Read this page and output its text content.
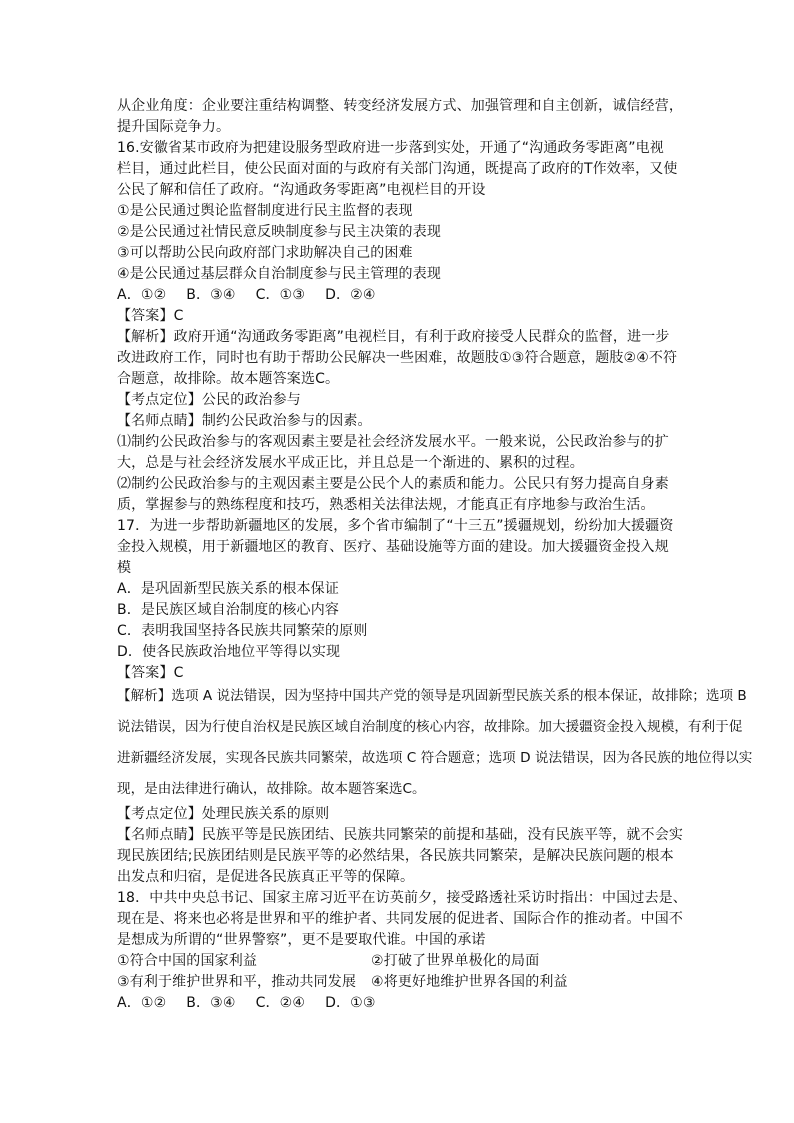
从企业角度：企业要注重结构调整、转变经济发展方式、加强管理和自主创新，诚信经营，
提升国际竞争力。
16.安徽省某市政府为把建设服务型政府进一步落到实处，开通了“沟通政务零距离”电视
栏目，通过此栏目，使公民面对面的与政府有关部门沟通，既提高了政府的T作效率，又使
公民了解和信任了政府。“沟通政务零距离”电视栏目的开设
①是公民通过舆论监督制度进行民主监督的表现
②是公民通过社情民意反映制度参与民主决策的表现
③可以帮助公民向政府部门求助解决自己的困难
④是公民通过基层群众自治制度参与民主管理的表现
A．①② B．③④ C．①③ D．②④
【答案】C
【解析】政府开通“沟通政务零距离”电视栏目，有利于政府接受人民群众的监督，进一步
改进政府工作，同时也有助于帮助公民解决一些困难，故题肢①③符合题意，题肢②④不符
合题意，故排除。故本题答案选C。
【考点定位】公民的政治参与
【名师点睛】制约公民政治参与的因素。
⑴制约公民政治参与的客观因素主要是社会经济发展水平。一般来说，公民政治参与的扩
大，总是与社会经济发展水平成正比，并且总是一个渐进的、累积的过程。
⑵制约公民政治参与的主观因素主要是公民个人的素质和能力。公民只有努力提高自身素
质，掌握参与的熟练程度和技巧，熟悉相关法律法规，才能真正有序地参与政治生活。
17．为进一步帮助新疆地区的发展，多个省市编制了“十三五”援疆规划，纷纷加大援疆资
金投入规模，用于新疆地区的教育、医疗、基础设施等方面的建设。加大援疆资金投入规
模
A．是巩固新型民族关系的根本保证
B．是民族区域自治制度的核心内容
C．表明我国坚持各民族共同繁荣的原则
D．使各民族政治地位平等得以实现
【答案】C
【解析】选项 A 说法错误，因为坚持中国共产党的领导是巩固新型民族关系的根本保证，故排除；选项 B
说法错误，因为行使自治权是民族区域自治制度的核心内容，故排除。加大援疆资金投入规模，有利于促
进新疆经济发展，实现各民族共同繁荣，故选项 C 符合题意；选项 D 说法错误，因为各民族的地位得以实
现，是由法律进行确认，故排除。故本题答案选C。
【考点定位】处理民族关系的原则
【名师点睛】民族平等是民族团结、民族共同繁荣的前提和基础，没有民族平等，就不会实
现民族团结;民族团结则是民族平等的必然结果，各民族共同繁荣，是解决民族问题的根本
出发点和归宿，是促进各民族真正平等的保障。
18．中共中央总书记、国家主席习近平在访英前夕，接受路透社采访时指出：中国过去是、
现在是、将来也必将是世界和平的维护者、共同发展的促进者、国际合作的推动者。中国不
是想成为所谓的“世界警察”，更不是要取代谁。中国的承诺
①符合中国的国家利益	②打破了世界单极化的局面
③有利于维护世界和平，推动共同发展 ④将更好地维护世界各国的利益
A．①② B．③④ C．②④ D．①③
